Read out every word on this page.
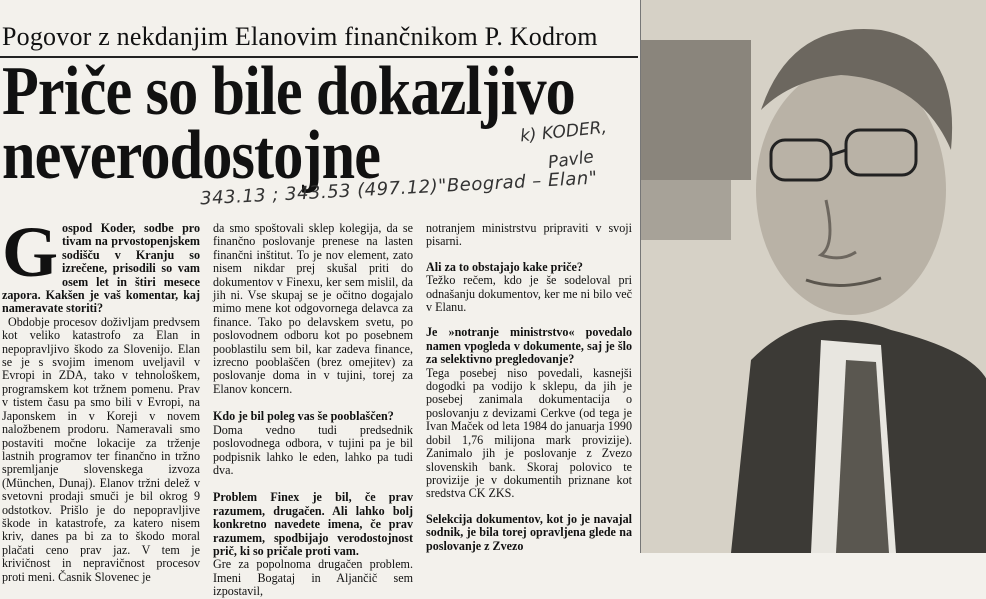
Pogovor z nekdanjim Elanovim finančnikom P. Kodrom
Priče so bile dokazljivo
neverodostojne	k) KODER,
Pavle
343.13 ; 343.53 (497.12)"Beograd – Elan"
G ospod Koder, sodbe pro tivam na prvostopenjskem sodišču v Kranju so izrečene, prisodili so vam osem let in štiri mesece zapora. Kakšen je vaš komentar, kaj nameravate storiti?

Obdobje procesov doživljam predvsem kot veliko katastrofo za Elan in nepopravljivo škodo za Slovenijo. Elan se je s svojim imenom uveljavil v Evropi in ZDA, tako v tehnološkem, programskem kot tržnem pomenu. Prav v tistem času pa smo bili v Evropi, na Japonskem in v Koreji v novem naložbenem prodoru. Nameravali smo postaviti močne lokacije za trženje lastnih programov ter finančno in tržno spremljanje slovenskega izvoza (München, Dunaj). Elanov tržni delež v svetovni prodaji smuči je bil okrog 9 odstotkov. Prišlo je do nepopravljive škode in katastrofe, za katero nisem kriv, danes pa bi za to škodo moral plačati ceno prav jaz. V tem je krivičnost in nepravičnost procesov proti meni. Časnik Slovenec je

da smo spoštovali sklep kolegija, da se finančno poslovanje prenese na lasten finančni inštitut. To je nov element, zato nisem nikdar prej skušal priti do dokumentov v Finexu, ker sem mislil, da jih ni. Vse skupaj se je očitno dogajalo mimo mene kot odgovornega delavca za finance. Tako po delavskem svetu, po poslovodnem odboru kot po posebnem pooblastilu sem bil, kar zadeva finance, izrecno pooblaščen (brez omejitev) za poslovanje doma in v tujini, torej za Elanov koncern.

Kdo je bil poleg vas še pooblaščen?

Doma vedno tudi predsednik poslovodnega odbora, v tujini pa je bil podpisnik lahko le eden, lahko pa tudi dva.

Problem Finex je bil, če prav razumem, drugačen. Ali lahko bolj konkretno navedete imena, če prav razumem, spodbijajo verodostojnost prič, ki so pričale proti vam.

Gre za popolnoma drugačen problem. Imeni Bogataj in Aljančič sem izpostavil,

notranjem ministrstvu pripraviti v svoji pisarni.

Ali za to obstajajo kake priče?

Težko rečem, kdo je še sodeloval pri odnašanju dokumentov, ker me ni bilo več v Elanu.

Je »notranje ministrstvo« povedalo namen vpogleda v dokumente, saj je šlo za selektivno pregledovanje?

Tega posebej niso povedali, kasnejši dogodki pa vodijo k sklepu, da jih je posebej zanimala dokumentacija o poslovanju z devizami Cerkve (od tega je Ivan Maček od leta 1984 do januarja 1990 dobil 1,76 milijona mark provizije). Zanimalo jih je poslovanje z Zvezo slovenskih bank. Skoraj polovico te provizije je v dokumentih priznane kot sredstva CK ZKS.

Selekcija dokumentov, kot jo je navajal sodnik, je bila torej opravljena glede na poslovanje z Zvezo
